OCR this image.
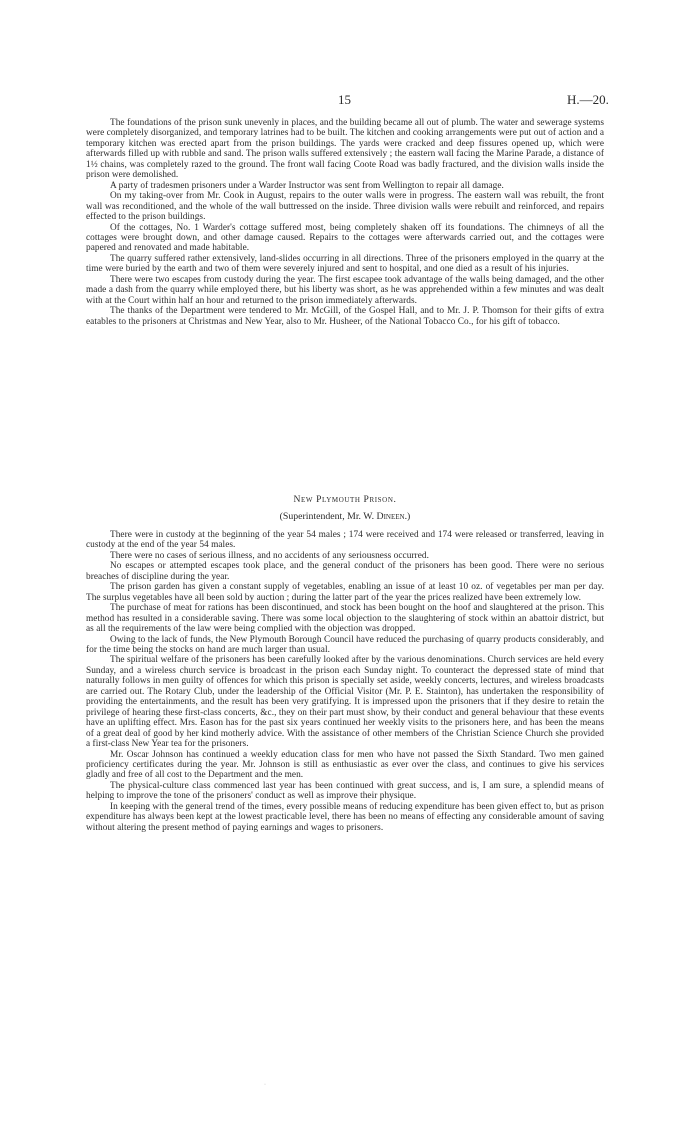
15	H.—20.

The foundations of the prison sunk unevenly in places, and the building became all out of plumb. The water and sewerage systems were completely disorganized, and temporary latrines had to be built. The kitchen and cooking arrangements were put out of action and a temporary kitchen was erected apart from the prison buildings. The yards were cracked and deep fissures opened up, which were afterwards filled up with rubble and sand. The prison walls suffered extensively ; the eastern wall facing the Marine Parade, a distance of 1½ chains, was completely razed to the ground. The front wall facing Coote Road was badly fractured, and the division walls inside the prison were demolished.

A party of tradesmen prisoners under a Warder Instructor was sent from Wellington to repair all damage.

On my taking-over from Mr. Cook in August, repairs to the outer walls were in progress. The eastern wall was rebuilt, the front wall was reconditioned, and the whole of the wall buttressed on the inside. Three division walls were rebuilt and reinforced, and repairs effected to the prison buildings.

Of the cottages, No. 1 Warder's cottage suffered most, being completely shaken off its foundations. The chimneys of all the cottages were brought down, and other damage caused. Repairs to the cottages were afterwards carried out, and the cottages were papered and renovated and made habitable.

The quarry suffered rather extensively, land-slides occurring in all directions. Three of the prisoners employed in the quarry at the time were buried by the earth and two of them were severely injured and sent to hospital, and one died as a result of his injuries.

There were two escapes from custody during the year. The first escapee took advantage of the walls being damaged, and the other made a dash from the quarry while employed there, but his liberty was short, as he was apprehended within a few minutes and was dealt with at the Court within half an hour and returned to the prison immediately afterwards.

The thanks of the Department were tendered to Mr. McGill, of the Gospel Hall, and to Mr. J. P. Thomson for their gifts of extra eatables to the prisoners at Christmas and New Year, also to Mr. Husheer, of the National Tobacco Co., for his gift of tobacco.

New Plymouth Prison.

(Superintendent, Mr. W. Dineen.)

There were in custody at the beginning of the year 54 males ; 174 were received and 174 were released or transferred, leaving in custody at the end of the year 54 males.

There were no cases of serious illness, and no accidents of any seriousness occurred.

No escapes or attempted escapes took place, and the general conduct of the prisoners has been good. There were no serious breaches of discipline during the year.

The prison garden has given a constant supply of vegetables, enabling an issue of at least 10 oz. of vegetables per man per day. The surplus vegetables have all been sold by auction ; during the latter part of the year the prices realized have been extremely low.

The purchase of meat for rations has been discontinued, and stock has been bought on the hoof and slaughtered at the prison. This method has resulted in a considerable saving. There was some local objection to the slaughtering of stock within an abattoir district, but as all the requirements of the law were being complied with the objection was dropped.

Owing to the lack of funds, the New Plymouth Borough Council have reduced the purchasing of quarry products considerably, and for the time being the stocks on hand are much larger than usual.

The spiritual welfare of the prisoners has been carefully looked after by the various denominations. Church services are held every Sunday, and a wireless church service is broadcast in the prison each Sunday night. To counteract the depressed state of mind that naturally follows in men guilty of offences for which this prison is specially set aside, weekly concerts, lectures, and wireless broadcasts are carried out. The Rotary Club, under the leadership of the Official Visitor (Mr. P. E. Stainton), has undertaken the responsibility of providing the entertainments, and the result has been very gratifying. It is impressed upon the prisoners that if they desire to retain the privilege of hearing these first-class concerts, &c., they on their part must show, by their conduct and general behaviour that these events have an uplifting effect. Mrs. Eason has for the past six years continued her weekly visits to the prisoners here, and has been the means of a great deal of good by her kind motherly advice. With the assistance of other members of the Christian Science Church she provided a first-class New Year tea for the prisoners.

Mr. Oscar Johnson has continued a weekly education class for men who have not passed the Sixth Standard. Two men gained proficiency certificates during the year. Mr. Johnson is still as enthusiastic as ever over the class, and continues to give his services gladly and free of all cost to the Department and the men.

The physical-culture class commenced last year has been continued with great success, and is, I am sure, a splendid means of helping to improve the tone of the prisoners' conduct as well as improve their physique.

In keeping with the general trend of the times, every possible means of reducing expenditure has been given effect to, but as prison expenditure has always been kept at the lowest practicable level, there has been no means of effecting any considerable amount of saving without altering the present method of paying earnings and wages to prisoners.

·
